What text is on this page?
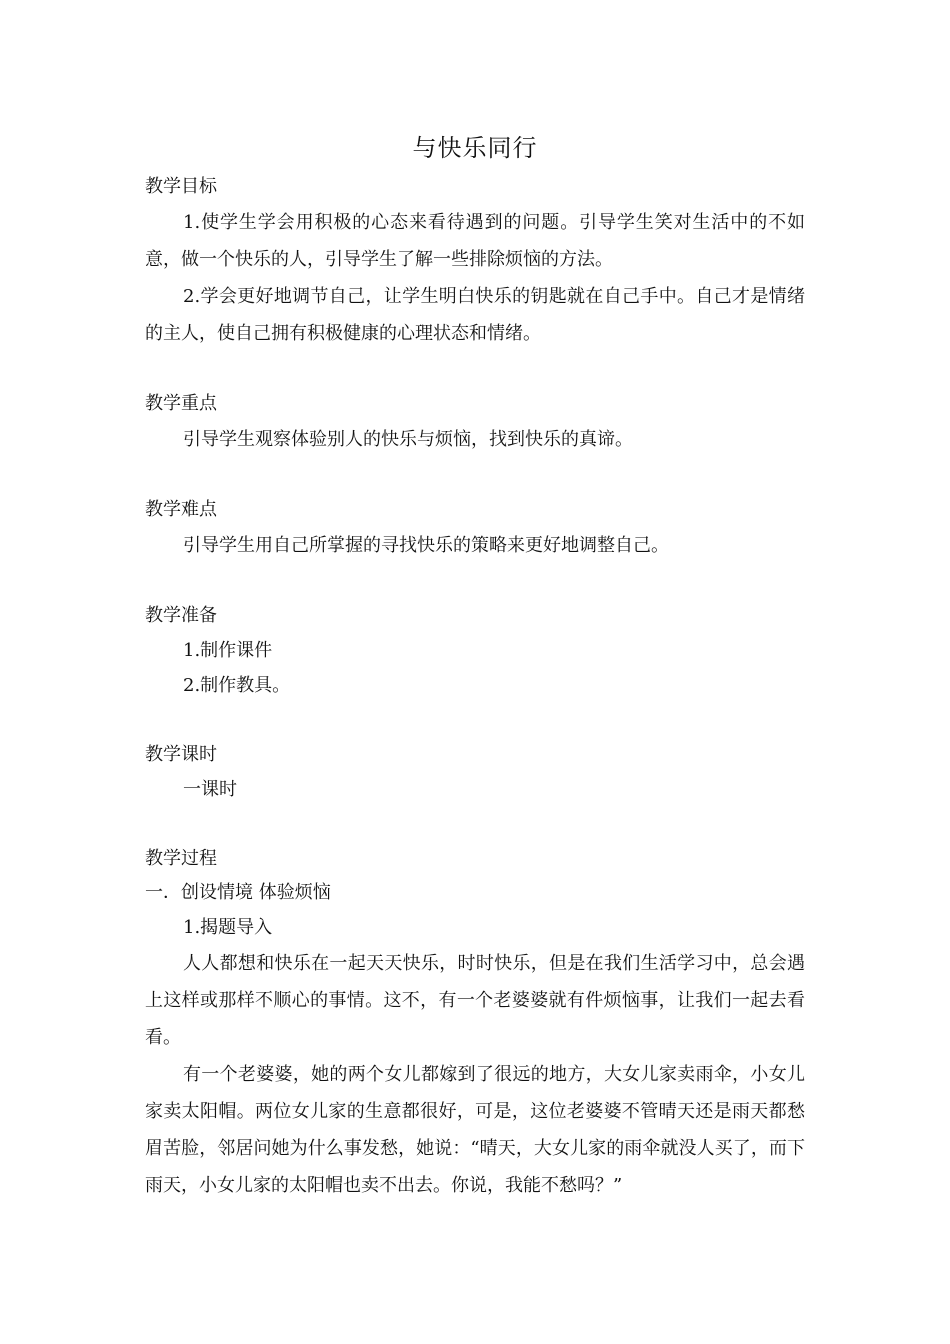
与快乐同行

教学目标

1.使学生学会用积极的心态来看待遇到的问题。引导学生笑对生活中的不如意，做一个快乐的人，引导学生了解一些排除烦恼的方法。

2.学会更好地调节自己，让学生明白快乐的钥匙就在自己手中。自己才是情绪的主人，使自己拥有积极健康的心理状态和情绪。

教学重点

引导学生观察体验别人的快乐与烦恼，找到快乐的真谛。

教学难点

引导学生用自己所掌握的寻找快乐的策略来更好地调整自己。

教学准备

1.制作课件

2.制作教具。

教学课时

一课时

教学过程

一．创设情境 体验烦恼

1.揭题导入

人人都想和快乐在一起天天快乐，时时快乐，但是在我们生活学习中，总会遇上这样或那样不顺心的事情。这不，有一个老婆婆就有件烦恼事，让我们一起去看看。

有一个老婆婆，她的两个女儿都嫁到了很远的地方，大女儿家卖雨伞，小女儿家卖太阳帽。两位女儿家的生意都很好，可是，这位老婆婆不管晴天还是雨天都愁眉苦脸，邻居问她为什么事发愁，她说：“晴天，大女儿家的雨伞就没人买了，而下雨天，小女儿家的太阳帽也卖不出去。你说，我能不愁吗？”
